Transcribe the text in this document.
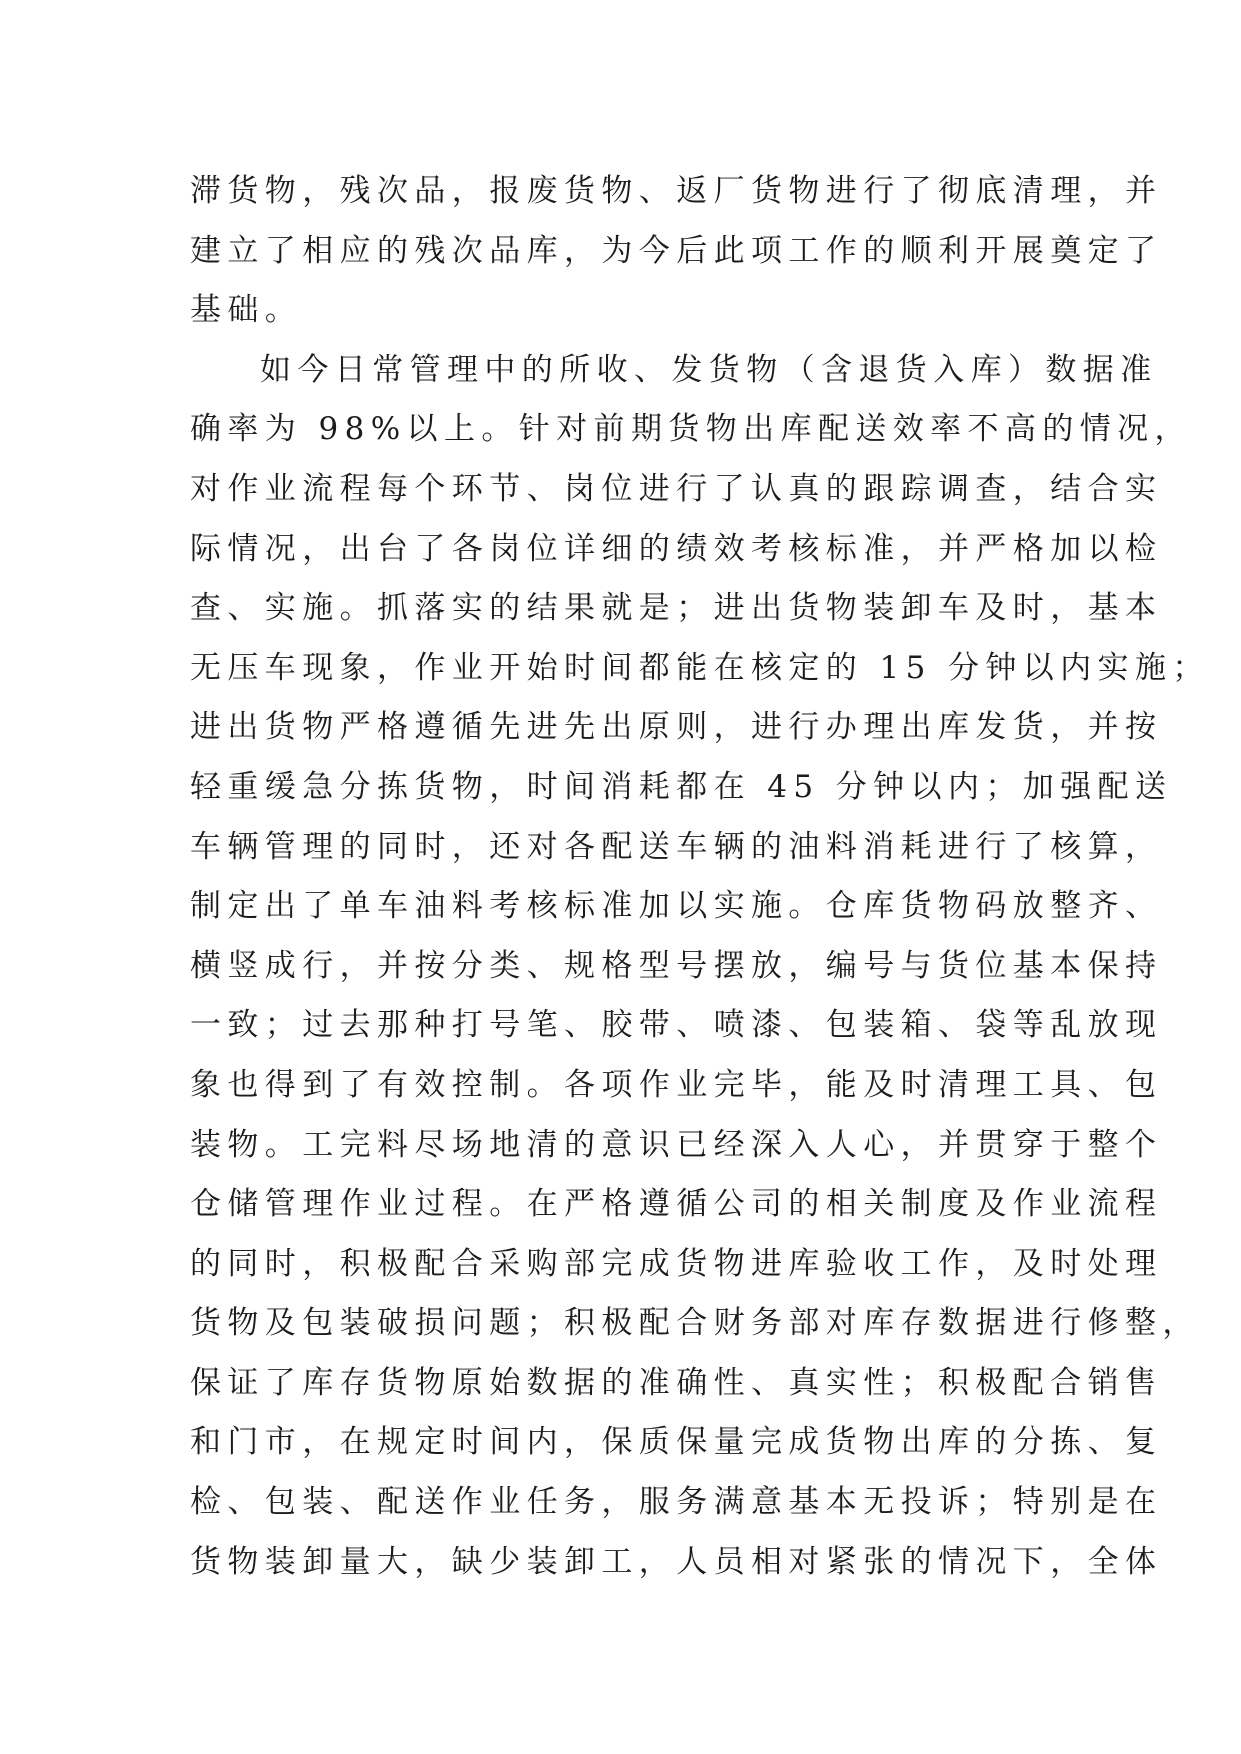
滞货物，残次品，报废货物、返厂货物进行了彻底清理，并
建立了相应的残次品库，为今后此项工作的顺利开展奠定了
基础。
如今日常管理中的所收、发货物（含退货入库）数据准
确率为 98%以上。针对前期货物出库配送效率不高的情况，
对作业流程每个环节、岗位进行了认真的跟踪调查，结合实
际情况，出台了各岗位详细的绩效考核标准，并严格加以检
查、实施。抓落实的结果就是；进出货物装卸车及时，基本
无压车现象，作业开始时间都能在核定的 15 分钟以内实施；
进出货物严格遵循先进先出原则，进行办理出库发货，并按
轻重缓急分拣货物，时间消耗都在 45 分钟以内；加强配送
车辆管理的同时，还对各配送车辆的油料消耗进行了核算，
制定出了单车油料考核标准加以实施。仓库货物码放整齐、
横竖成行，并按分类、规格型号摆放，编号与货位基本保持
一致；过去那种打号笔、胶带、喷漆、包装箱、袋等乱放现
象也得到了有效控制。各项作业完毕，能及时清理工具、包
装物。工完料尽场地清的意识已经深入人心，并贯穿于整个
仓储管理作业过程。在严格遵循公司的相关制度及作业流程
的同时，积极配合采购部完成货物进库验收工作，及时处理
货物及包装破损问题；积极配合财务部对库存数据进行修整，
保证了库存货物原始数据的准确性、真实性；积极配合销售
和门市，在规定时间内，保质保量完成货物出库的分拣、复
检、包装、配送作业任务，服务满意基本无投诉；特别是在
货物装卸量大，缺少装卸工，人员相对紧张的情况下，全体
